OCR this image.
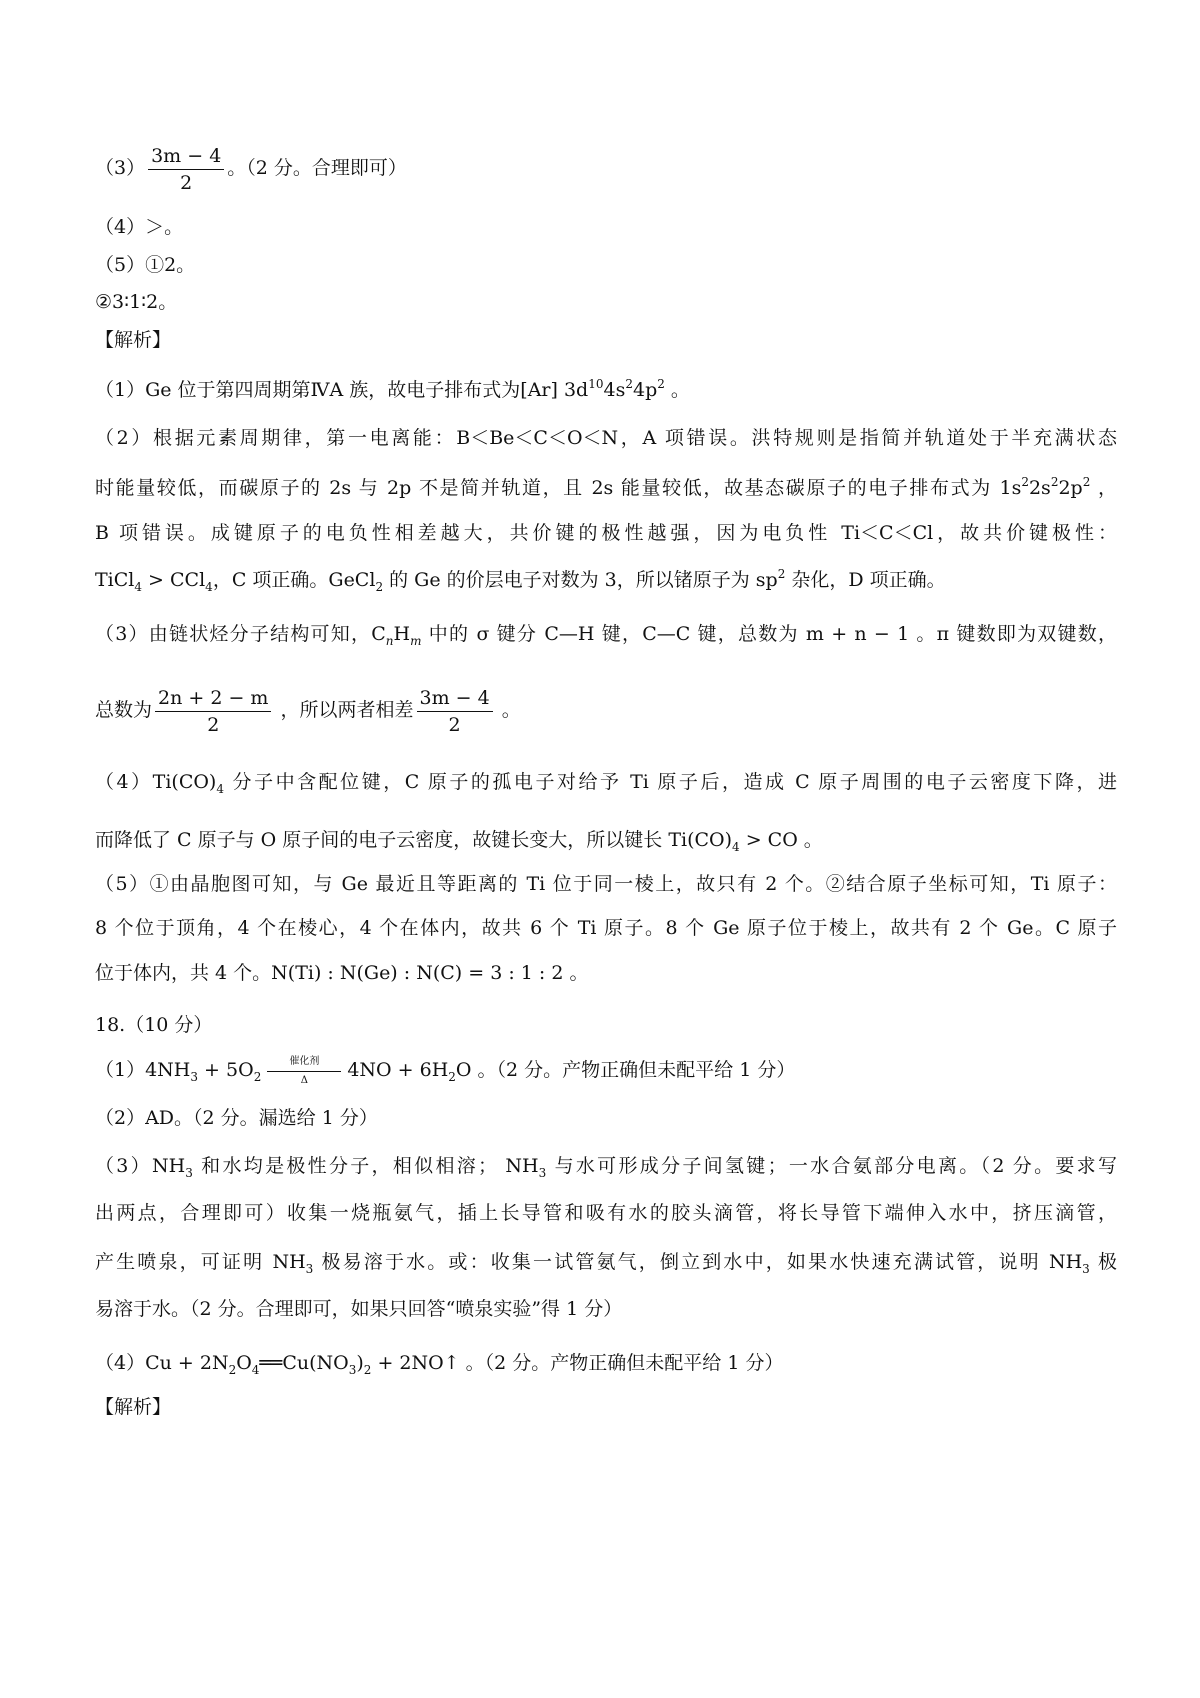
$(3) \frac{3m - 4}{2}$ 。（2 分。合理即可）
（4）＞。
（5）①2。
②3∶1∶2。
【解析】
（1）Ge 位于第四周期第ⅣA 族，故电子排布式为[Ar] $3d^{10}4s^24p^2$ 。
（2）根据元素周期律，第一电离能：B＜Be＜C＜O＜N，A 项错误。洪特规则是指简并轨道处于半充满状态
时能量较低，而碳原子的 2s 与 2p 不是简并轨道，且 2s 能量较低，故基态碳原子的电子排布式为 $1s^22s^22p^2$ ，
B 项错误。成键原子的电负性相差越大，共价键的极性越强，因为电负性 Ti＜C＜Cl，故共价键极性：
TiCl$_4$ > CCl$_4$，C 项正确。GeCl$_2$ 的 Ge 的价层电子对数为 3，所以锗原子为 $sp^2$ 杂化，D 项正确。
（3）由链状烃分子结构可知，$C_nH_m$ 中的 σ 键分 C—H 键，C—C 键，总数为 m + n − 1 。π 键数即为双键数，
总数为 $\frac{2n + 2 - m}{2}$ ，所以两者相差 $\frac{3m - 4}{2}$ 。
$(4)Ti(CO)_4$ 分子中含配位键，C 原子的孤电子对给予 Ti 原子后，造成 C 原子周围的电子云密度下降，进
而降低了 C 原子与 O 原子间的电子云密度，故键长变大，所以键长 $Ti(CO)_4$ > CO 。
（5）①由晶胞图可知，与 Ge 最近且等距离的 Ti 位于同一棱上，故只有 2 个。②结合原子坐标可知，Ti 原子：
8 个位于顶角，4 个在棱心，4 个在体内，故共 6 个 Ti 原子。8 个 Ge 原子位于棱上，故共有 2 个 Ge。C 原子
位于体内，共 4 个。N(Ti) : N(Ge) : N(C) = 3 : 1 : 2 。
18.（10 分）
$(1)4NH_3 + 5O_2$
催化剂
Δ $4NO + 6H_2O$ 。（2 分。产物正确但未配平给 1 分）
（2）AD。（2 分。漏选给 1 分）
$(3)NH_3$ 和水均是极性分子，相似相溶； $NH_3$ 与水可形成分子间氢键；一水合氨部分电离。（2 分。要求写
出两点，合理即可）收集一烧瓶氨气，插上长导管和吸有水的胶头滴管，将长导管下端伸入水中，挤压滴管，
产生喷泉，可证明 $NH_3$ 极易溶于水。或：收集一试管氨气，倒立到水中，如果水快速充满试管，说明 $NH_3$ 极
易溶于水。（2 分。合理即可，如果只回答“喷泉实验”得 1 分）
$(4)Cu + 2N_2O_4══Cu(NO_3)_2$ + 2NO↑ 。（2 分。产物正确但未配平给 1 分）
【解析】
